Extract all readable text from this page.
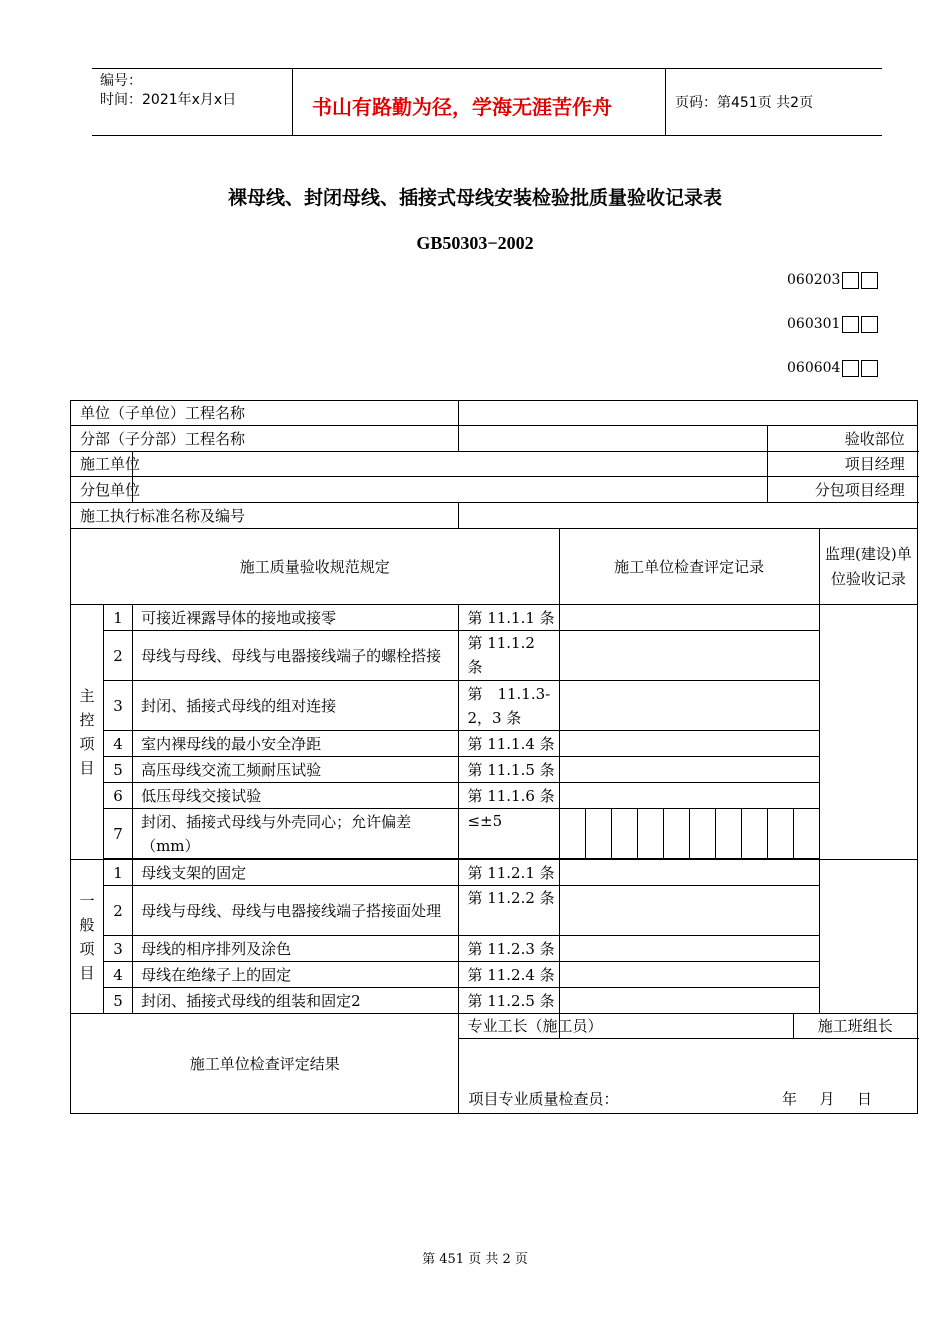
编号：
时间：2021年x月x日	书山有路勤为径，学海无涯苦作舟	页码：第451页 共2页
裸母线、封闭母线、插接式母线安装检验批质量验收记录表
GB50303−2002
060203
060301
060604
单位（子单位）工程名称															
分部（子分部）工程名称												验收部位			
施工单位												项目经理			
分包单位												分包项目经理			
施工执行标准名称及编号															
施工质量验收规范规定				施工单位检查评定记录										监理(建设)单位验收记录	
主控项目	1	可接近裸露导体的接地或接零	第 11.1.1 条												
	2	母线与母线、母线与电器接线端子的螺栓搭接	第 11.1.2 条												
	3	封闭、插接式母线的组对连接	第　11.1.3-2，3 条												
	4	室内裸母线的最小安全净距	第 11.1.4 条												
	5	高压母线交流工频耐压试验	第 11.1.5 条												
	6	低压母线交接试验	第 11.1.6 条												
	7	封闭、插接式母线与外壳同心；允许偏差（mm）	≤±5												

一般项目	1	母线支架的固定	第 11.2.1 条												
	2	母线与母线、母线与电器接线端子搭接面处理	第 11.2.2 条												
	3	母线的相序排列及涂色	第 11.2.3 条												
	4	母线在绝缘子上的固定	第 11.2.4 条												
	5	封闭、插接式母线的组装和固定2	第 11.2.5 条												
施工单位检查评定结果			专业工长（施工员）										施工班组长		
			项目专业质量检查员： 年   月   日												
第 451 页 共 2 页
